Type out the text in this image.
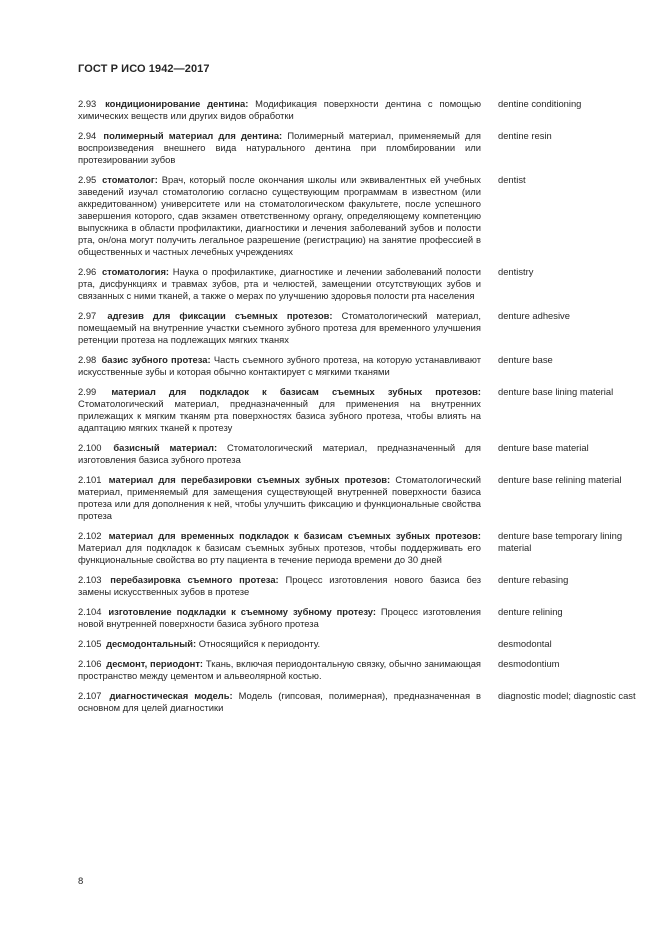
ГОСТ Р ИСО 1942—2017
2.93 кондиционирование дентина: Модификация поверхности дентина с помощью химических веществ или других видов обработки
dentine conditioning
2.94 полимерный материал для дентина: Полимерный материал, применяемый для воспроизведения внешнего вида натурального дентина при пломбировании или протезировании зубов
dentine resin
2.95 стоматолог: Врач, который после окончания школы или эквивалентных ей учебных заведений изучал стоматологию согласно существующим программам в известном (или аккредитованном) университете или на стоматологическом факультете, после успешного завершения которого, сдав экзамен ответственному органу, определяющему компетенцию выпускника в области профилактики, диагностики и лечения заболеваний зубов и полости рта, он/она могут получить легальное разрешение (регистрацию) на занятие профессией в общественных и частных лечебных учреждениях
dentist
2.96 стоматология: Наука о профилактике, диагностике и лечении заболеваний полости рта, дисфункциях и травмах зубов, рта и челюстей, замещении отсутствующих зубов и связанных с ними тканей, а также о мерах по улучшению здоровья полости рта населения
dentistry
2.97 адгезив для фиксации съемных протезов: Стоматологический материал, помещаемый на внутренние участки съемного зубного протеза для временного улучшения ретенции протеза на подлежащих мягких тканях
denture adhesive
2.98 базис зубного протеза: Часть съемного зубного протеза, на которую устанавливают искусственные зубы и которая обычно контактирует с мягкими тканями
denture base
2.99 материал для подкладок к базисам съемных зубных протезов: Стоматологический материал, предназначенный для применения на внутренних прилежащих к мягким тканям рта поверхностях базиса зубного протеза, чтобы влиять на адаптацию мягких тканей к протезу
denture base lining material
2.100 базисный материал: Стоматологический материал, предназначенный для изготовления базиса зубного протеза
denture base material
2.101 материал для перебазировки съемных зубных протезов: Стоматологический материал, применяемый для замещения существующей внутренней поверхности базиса протеза или для дополнения к ней, чтобы улучшить фиксацию и функциональные свойства протеза
denture base relining material
2.102 материал для временных подкладок к базисам съемных зубных протезов: Материал для подкладок к базисам съемных зубных протезов, чтобы поддерживать его функциональные свойства во рту пациента в течение периода времени до 30 дней
denture base temporary lining material
2.103 перебазировка съемного протеза: Процесс изготовления нового базиса без замены искусственных зубов в протезе
denture rebasing
2.104 изготовление подкладки к съемному зубному протезу: Процесс изготовления новой внутренней поверхности базиса зубного протеза
denture relining
2.105 десмодонтальный: Относящийся к периодонту.	desmodontal
2.106 десмонт, периодонт: Ткань, включая периодонтальную связку, обычно занимающая пространство между цементом и альвеолярной костью.
desmodontium
2.107 диагностическая модель: Модель (гипсовая, полимерная), предназначенная в основном для целей диагностики
diagnostic model; diagnostic cast
8
